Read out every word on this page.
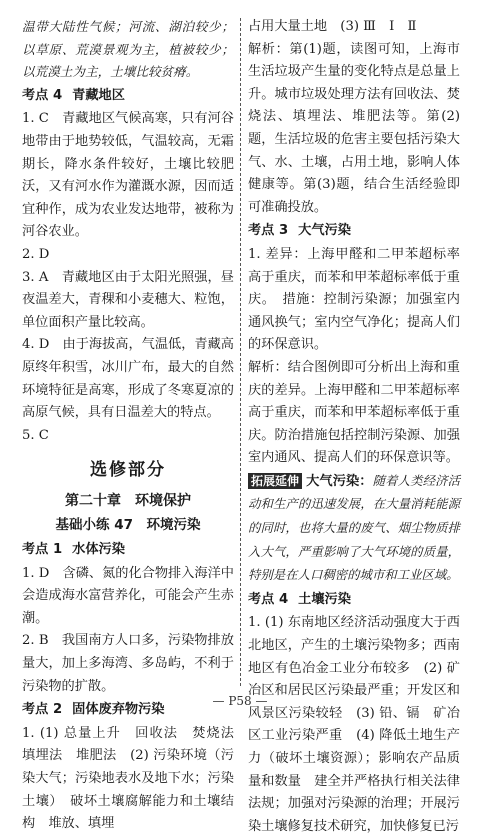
温带大陆性气候；河流、湖泊较少；以草原、荒漠景观为主，植被较少；以荒漠土为主，土壤比较贫瘠。

考点 4 青藏地区

1. C　青藏地区气候高寒，只有河谷地带由于地势较低，气温较高，无霜期长，降水条件较好，土壤比较肥沃，又有河水作为灌溉水源，因而适宜种作，成为农业发达地带，被称为河谷农业。

2. D

3. A　青藏地区由于太阳光照强，昼夜温差大，青稞和小麦穗大、粒饱，单位面积产量比较高。

4. D　由于海拔高，气温低，青藏高原终年积雪，冰川广布，最大的自然环境特征是高寒，形成了冬寒夏凉的高原气候，具有日温差大的特点。

5. C

选修部分
第二十章　环境保护
基础小练 47　环境污染

考点 1 水体污染

1. D　含磷、氮的化合物排入海洋中会造成海水富营养化，可能会产生赤潮。

2. B　我国南方人口多，污染物排放量大，加上多海湾、多岛屿，不利于污染物的扩散。

考点 2 固体废弃物污染

1. (1) 总量上升　回收法　焚烧法　填埋法　堆肥法　(2) 污染环境（污染大气；污染地表水及地下水；污染土壤）　破坏土壤腐解能力和土壤结构　堆放、填埋

占用大量土地　(3) Ⅲ　Ⅰ　Ⅱ

解析：第(1)题，读图可知，上海市生活垃圾产生量的变化特点是总量上升。城市垃圾处理方法有回收法、焚烧法、填埋法、堆肥法等。第(2)题，生活垃圾的危害主要包括污染大气、水、土壤，占用土地，影响人体健康等。第(3)题，结合生活经验即可准确投放。

考点 3 大气污染

1. 差异：上海甲醛和二甲苯超标率高于重庆，而苯和甲苯超标率低于重庆。　措施：控制污染源；加强室内通风换气；室内空气净化；提高人们的环保意识。

解析：结合图例即可分析出上海和重庆的差异。上海甲醛和二甲苯超标率高于重庆，而苯和甲苯超标率低于重庆。防治措施包括控制污染源、加强室内通风、提高人们的环保意识等。

拓展延伸 大气污染：随着人类经济活动和生产的迅速发展，在大量消耗能源的同时，也将大量的废气、烟尘物质排入大气，严重影响了大气环境的质量，特别是在人口稠密的城市和工业区域。

考点 4 土壤污染

1. (1) 东南地区经济活动强度大于西北地区，产生的土壤污染物多；西南地区有色冶金工业分布较多　(2) 矿冶区和居民区污染最严重；开发区和风景区污染较轻　(3) 铅、镉　矿冶区工业污染严重　(4) 降低土地生产力（破坏土壤资源）；影响农产品质量和数量　建全并严格执行相关法律法规；加强对污染源的治理；开展污染土壤修复技术研究，加快修复已污

— P58 —
